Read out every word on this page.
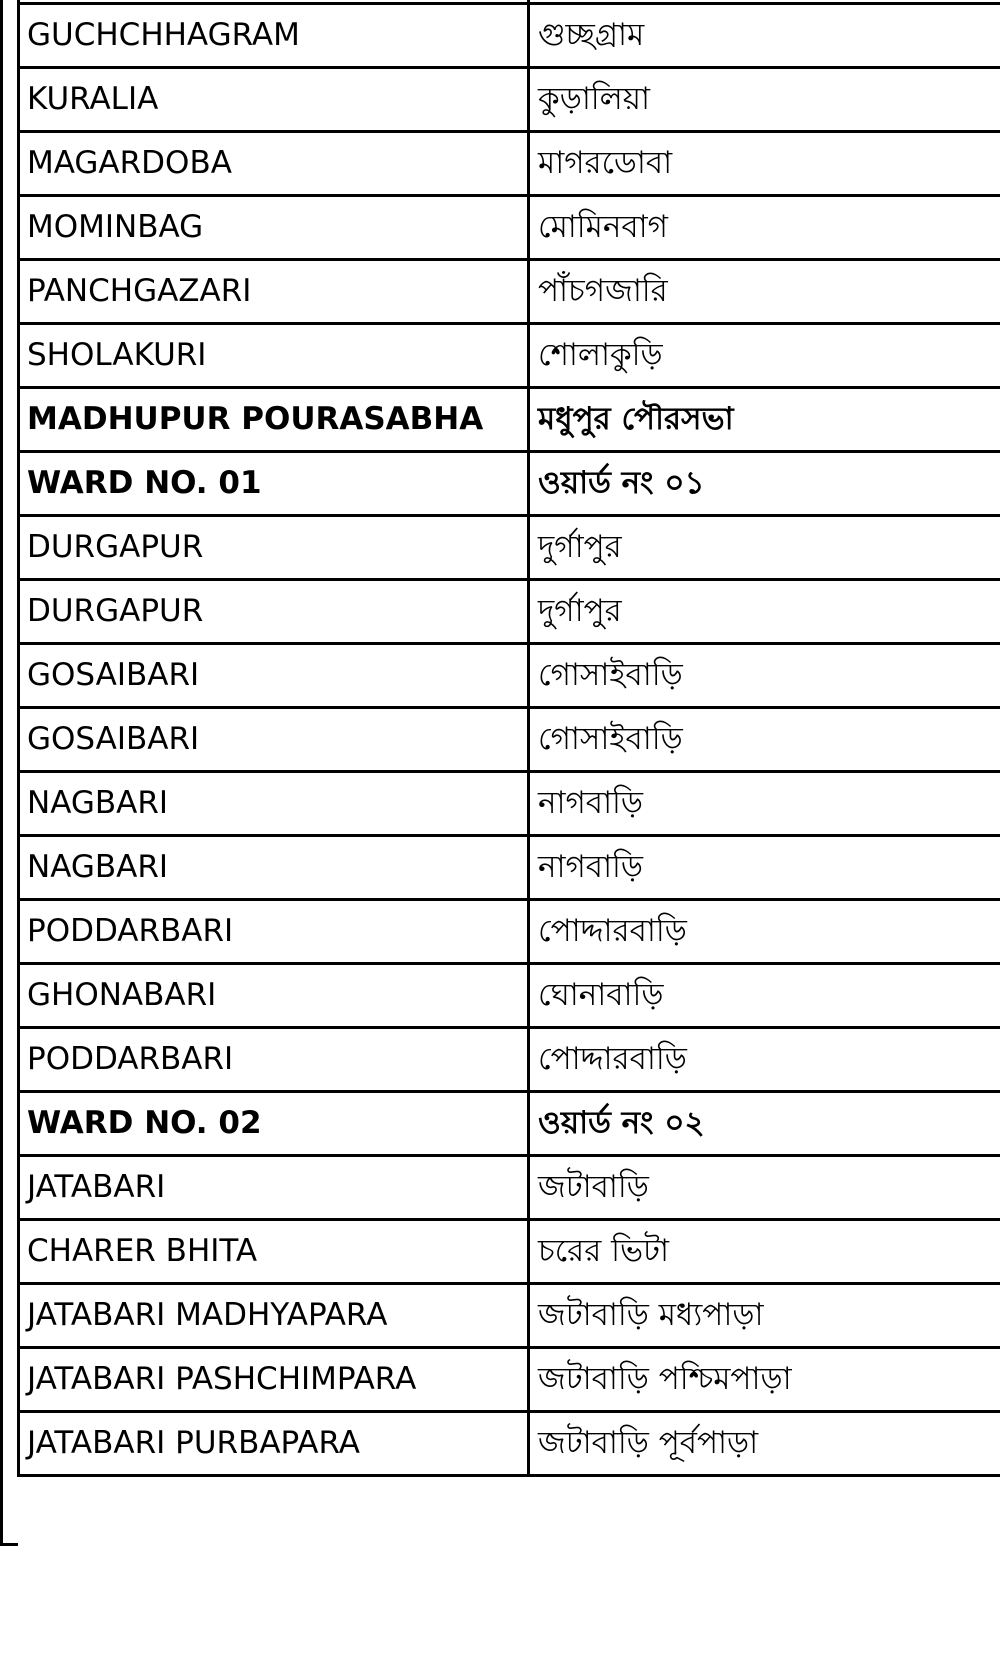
GUCHCHHAGRAM	গুচ্ছগ্রাম
KURALIA	কুড়ালিয়া
MAGARDOBA	মাগরডোবা
MOMINBAG	মোমিনবাগ
PANCHGAZARI	পাঁচগজারি
SHOLAKURI	শোলাকুড়ি
MADHUPUR POURASABHA	মধুপুর পৌরসভা
WARD NO. 01	ওয়ার্ড নং ০১
DURGAPUR	দুর্গাপুর
DURGAPUR	দুর্গাপুর
GOSAIBARI	গোসাইবাড়ি
GOSAIBARI	গোসাইবাড়ি
NAGBARI	নাগবাড়ি
NAGBARI	নাগবাড়ি
PODDARBARI	পোদ্দারবাড়ি
GHONABARI	ঘোনাবাড়ি
PODDARBARI	পোদ্দারবাড়ি
WARD NO. 02	ওয়ার্ড নং ০২
JATABARI	জটাবাড়ি
CHARER BHITA	চরের ভিটা
JATABARI MADHYAPARA	জটাবাড়ি মধ্যপাড়া
JATABARI PASHCHIMPARA	জটাবাড়ি পশ্চিমপাড়া
JATABARI PURBAPARA	জটাবাড়ি পূর্বপাড়া
